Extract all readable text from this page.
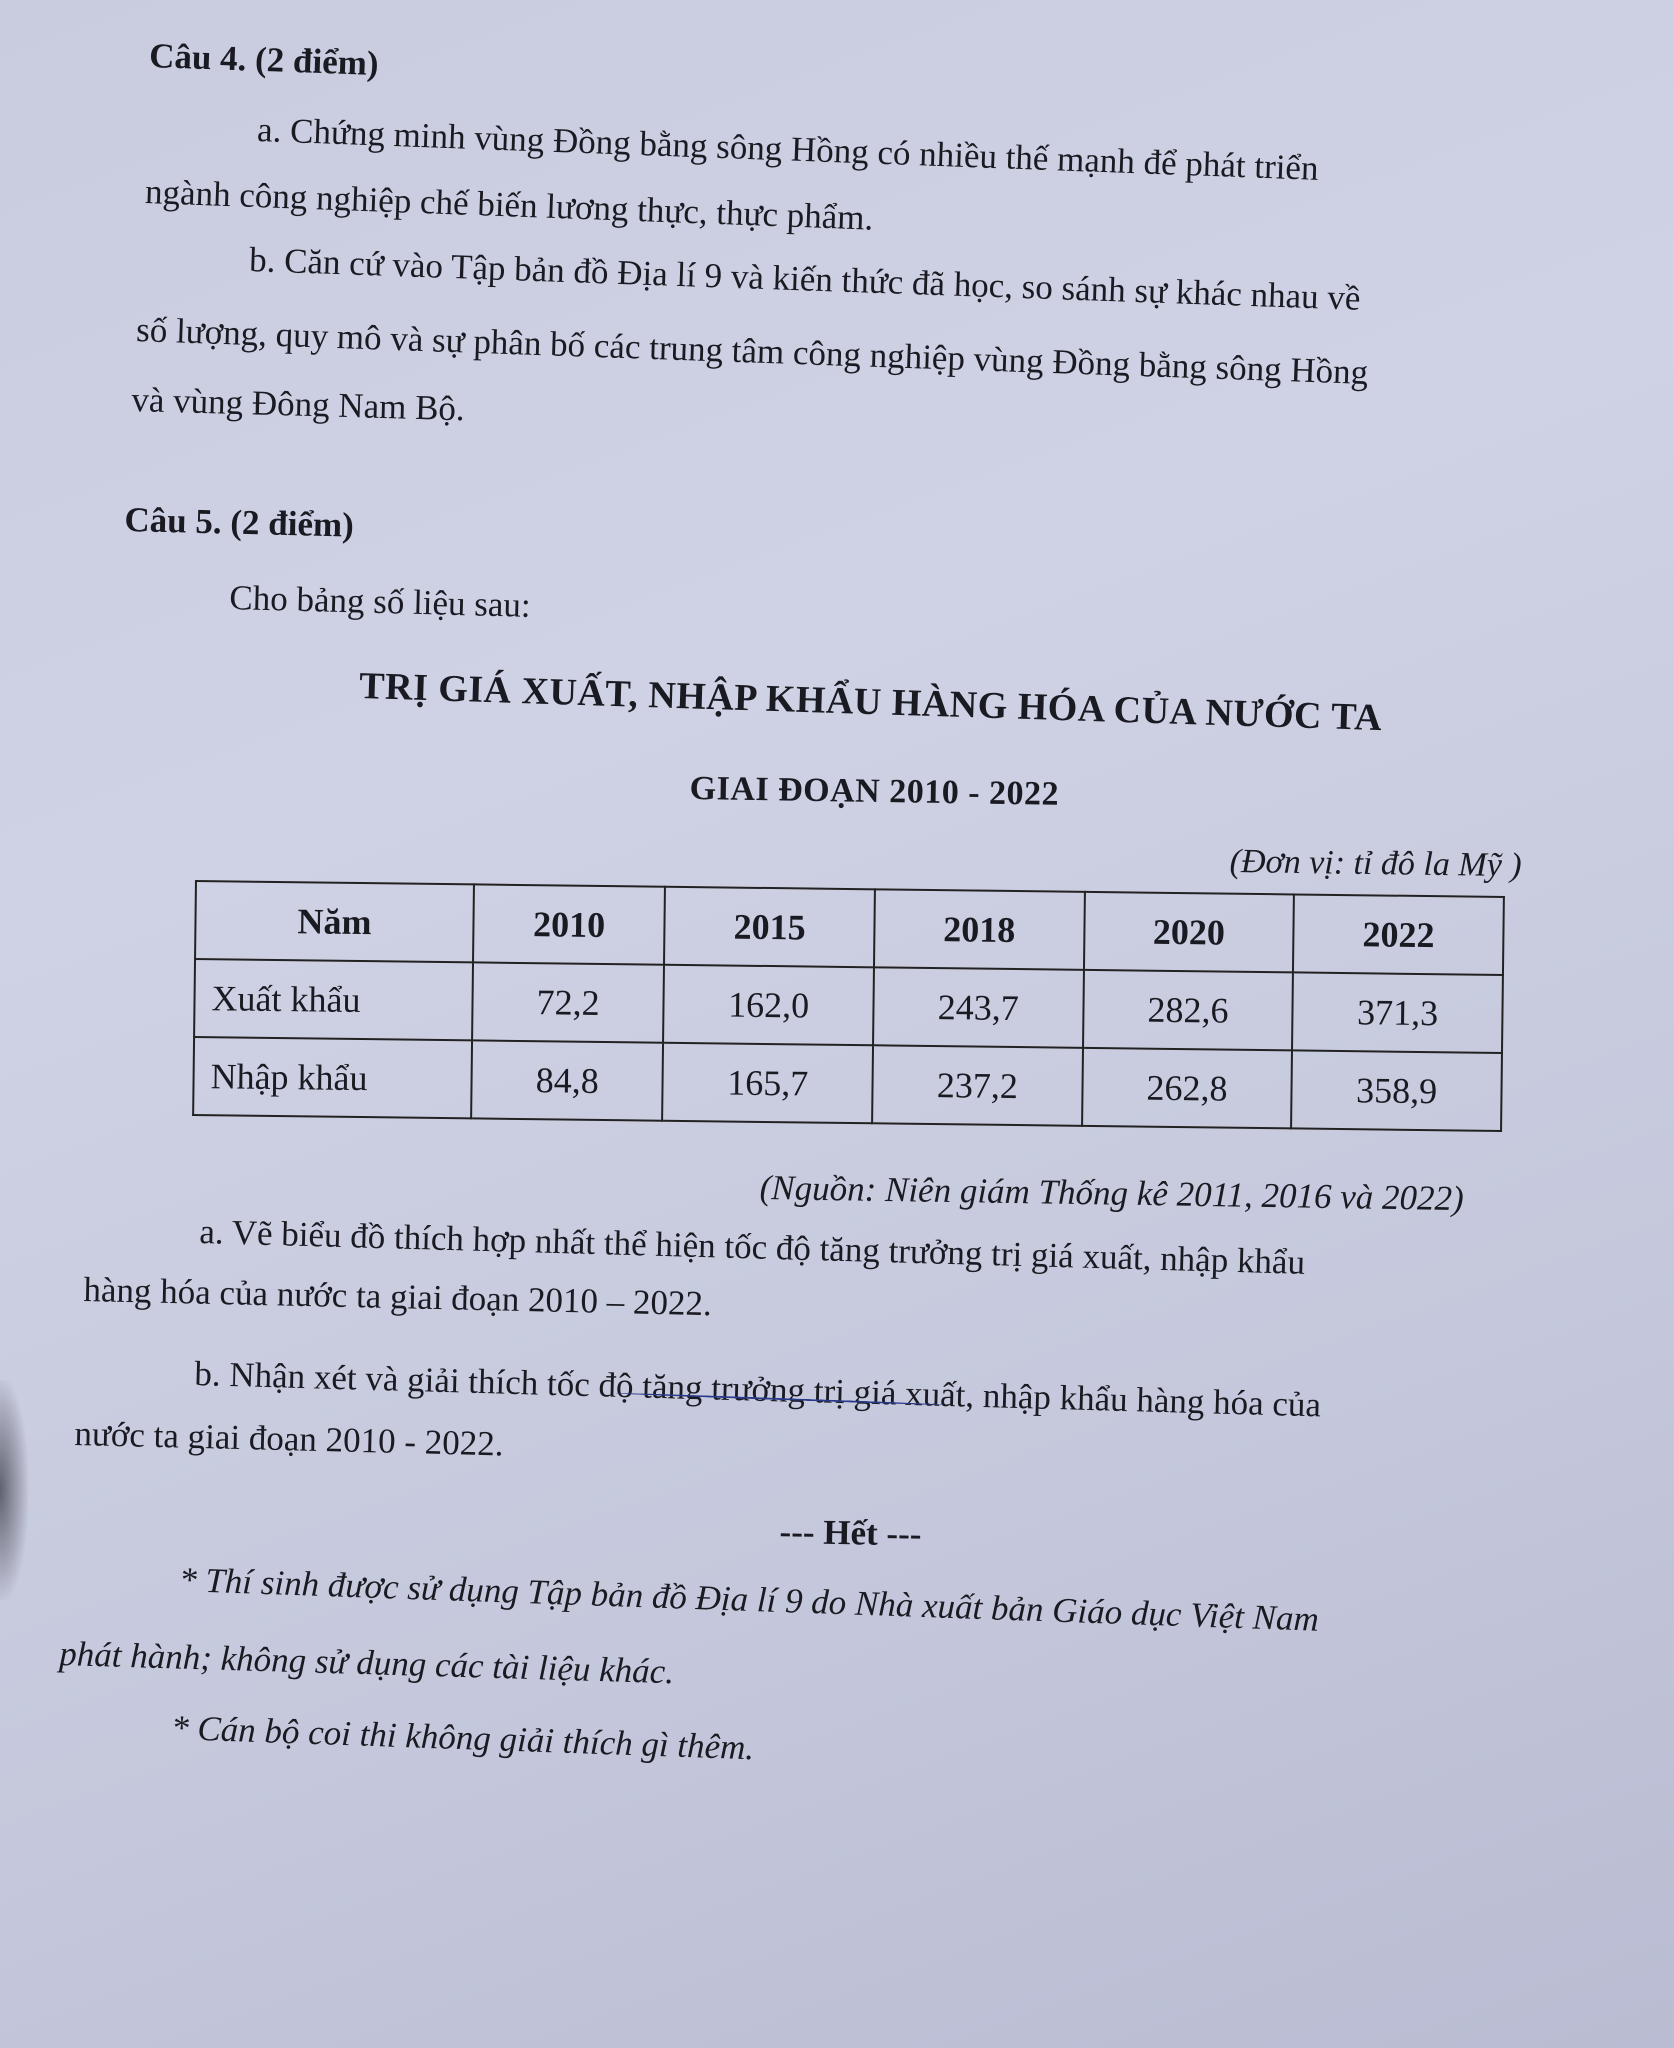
Câu 4. (2 điểm)
a. Chứng minh vùng Đồng bằng sông Hồng có nhiều thế mạnh để phát triển
ngành công nghiệp chế biến lương thực, thực phẩm.
b. Căn cứ vào Tập bản đồ Địa lí 9 và kiến thức đã học, so sánh sự khác nhau về
số lượng, quy mô và sự phân bố các trung tâm công nghiệp vùng Đồng bằng sông Hồng
và vùng Đông Nam Bộ.
Câu 5. (2 điểm)
Cho bảng số liệu sau:
TRỊ GIÁ XUẤT, NHẬP KHẨU HÀNG HÓA CỦA NƯỚC TA
GIAI ĐOẠN 2010 - 2022
(Đơn vị: tỉ đô la Mỹ )
Năm	2010	2015	2018	2020	2022
Xuất khẩu	72,2	162,0	243,7	282,6	371,3
Nhập khẩu	84,8	165,7	237,2	262,8	358,9
(Nguồn: Niên giám Thống kê 2011, 2016 và 2022)
a. Vẽ biểu đồ thích hợp nhất thể hiện tốc độ tăng trưởng trị giá xuất, nhập khẩu
hàng hóa của nước ta giai đoạn 2010 – 2022.
b. Nhận xét và giải thích tốc độ tăng trưởng trị giá xuất, nhập khẩu hàng hóa của
nước ta giai đoạn 2010 - 2022.
--- Hết ---
* Thí sinh được sử dụng Tập bản đồ Địa lí 9 do Nhà xuất bản Giáo dục Việt Nam
phát hành; không sử dụng các tài liệu khác.
* Cán bộ coi thi không giải thích gì thêm.
